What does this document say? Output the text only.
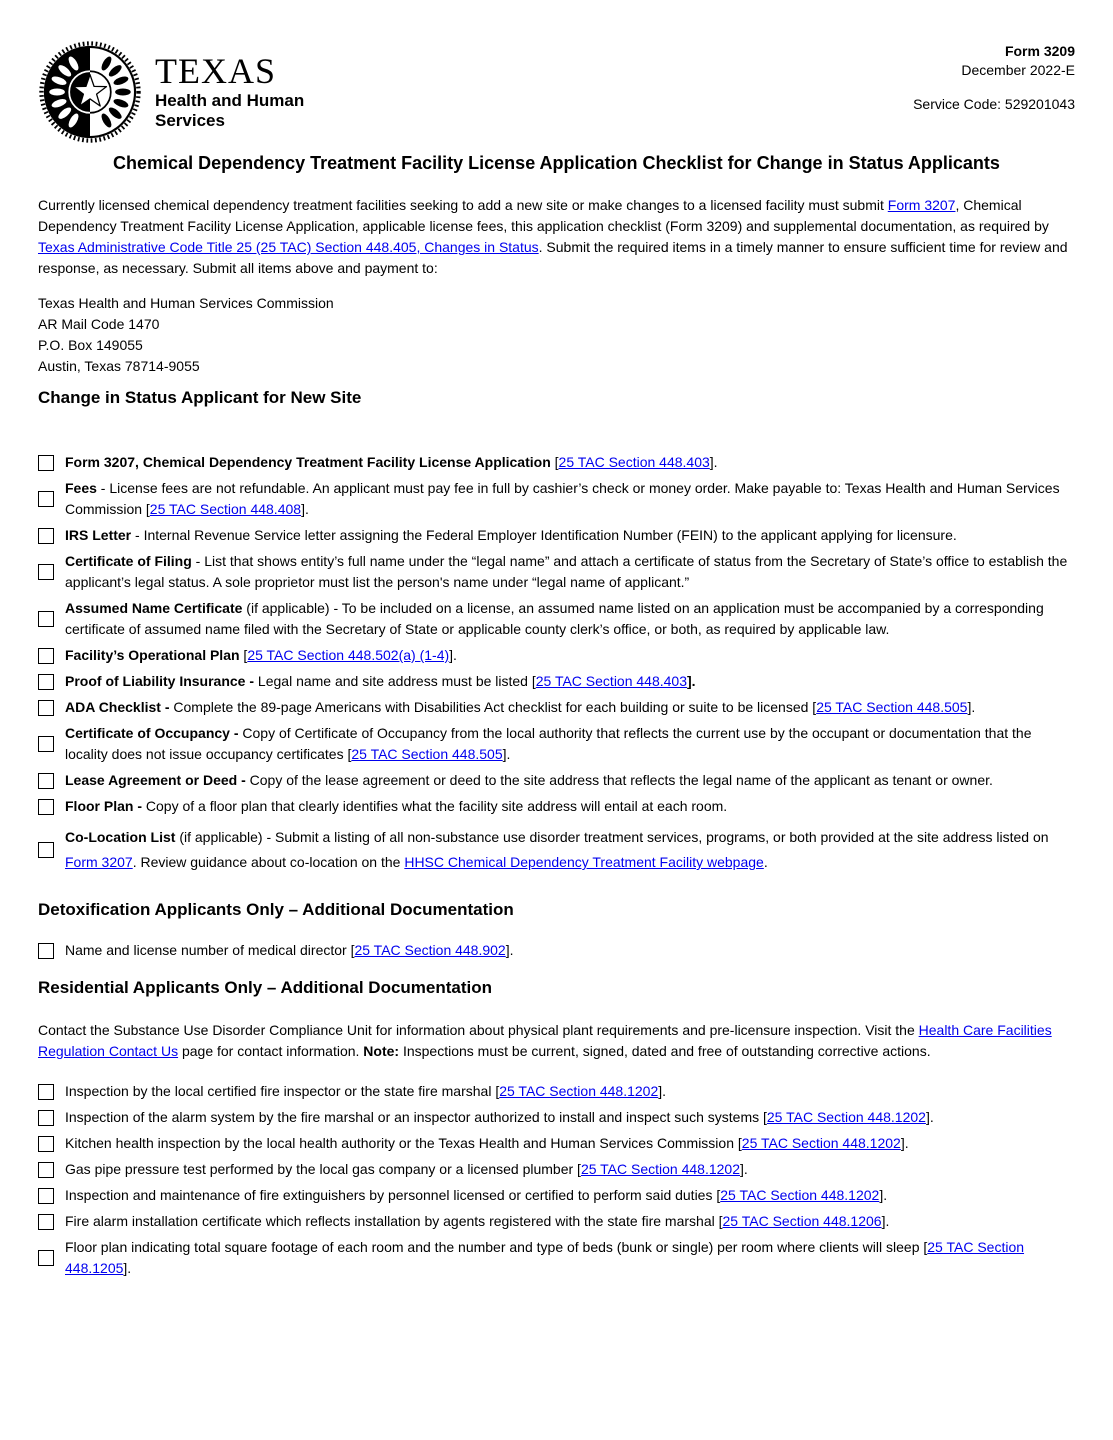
TEXAS
Health and Human
Services
Form 3209
December 2022-E
Service Code: 529201043
Chemical Dependency Treatment Facility License Application Checklist for Change in Status Applicants

Currently licensed chemical dependency treatment facilities seeking to add a new site or make changes to a licensed facility must submit Form 3207, Chemical Dependency Treatment Facility License Application, applicable license fees, this application checklist (Form 3209) and supplemental documentation, as required by Texas Administrative Code Title 25 (25 TAC) Section 448.405, Changes in Status. Submit the required items in a timely manner to ensure sufficient time for review and response, as necessary. Submit all items above and payment to:

Texas Health and Human Services Commission
AR Mail Code 1470
P.O. Box 149055
Austin, Texas 78714-9055
Change in Status Applicant for New Site
Form 3207, Chemical Dependency Treatment Facility License Application [25 TAC Section 448.403].
Fees - License fees are not refundable. An applicant must pay fee in full by cashier’s check or money order. Make payable to: Texas Health and Human Services Commission [25 TAC Section 448.408].
IRS Letter - Internal Revenue Service letter assigning the Federal Employer Identification Number (FEIN) to the applicant applying for licensure.
Certificate of Filing - List that shows entity’s full name under the “legal name” and attach a certificate of status from the Secretary of State’s office to establish the applicant’s legal status. A sole proprietor must list the person's name under “legal name of applicant.”
Assumed Name Certificate (if applicable) - To be included on a license, an assumed name listed on an application must be accompanied by a corresponding certificate of assumed name filed with the Secretary of State or applicable county clerk’s office, or both, as required by applicable law.
Facility’s Operational Plan [25 TAC Section 448.502(a) (1-4)].
Proof of Liability Insurance - Legal name and site address must be listed [25 TAC Section 448.403].
ADA Checklist - Complete the 89-page Americans with Disabilities Act checklist for each building or suite to be licensed [25 TAC Section 448.505].
Certificate of Occupancy - Copy of Certificate of Occupancy from the local authority that reflects the current use by the occupant or documentation that the locality does not issue occupancy certificates [25 TAC Section 448.505].
Lease Agreement or Deed - Copy of the lease agreement or deed to the site address that reflects the legal name of the applicant as tenant or owner.
Floor Plan - Copy of a floor plan that clearly identifies what the facility site address will entail at each room.
Co-Location List (if applicable) - Submit a listing of all non-substance use disorder treatment services, programs, or both provided at the site address listed on Form 3207. Review guidance about co-location on the HHSC Chemical Dependency Treatment Facility webpage.
Detoxification Applicants Only – Additional Documentation
Name and license number of medical director [25 TAC Section 448.902].
Residential Applicants Only – Additional Documentation

Contact the Substance Use Disorder Compliance Unit for information about physical plant requirements and pre-licensure inspection. Visit the Health Care Facilities Regulation Contact Us page for contact information. Note: Inspections must be current, signed, dated and free of outstanding corrective actions.

Inspection by the local certified fire inspector or the state fire marshal [25 TAC Section 448.1202].
Inspection of the alarm system by the fire marshal or an inspector authorized to install and inspect such systems [25 TAC Section 448.1202].
Kitchen health inspection by the local health authority or the Texas Health and Human Services Commission [25 TAC Section 448.1202].
Gas pipe pressure test performed by the local gas company or a licensed plumber [25 TAC Section 448.1202].
Inspection and maintenance of fire extinguishers by personnel licensed or certified to perform said duties [25 TAC Section 448.1202].
Fire alarm installation certificate which reflects installation by agents registered with the state fire marshal [25 TAC Section 448.1206].
Floor plan indicating total square footage of each room and the number and type of beds (bunk or single) per room where clients will sleep [25 TAC Section 448.1205].
